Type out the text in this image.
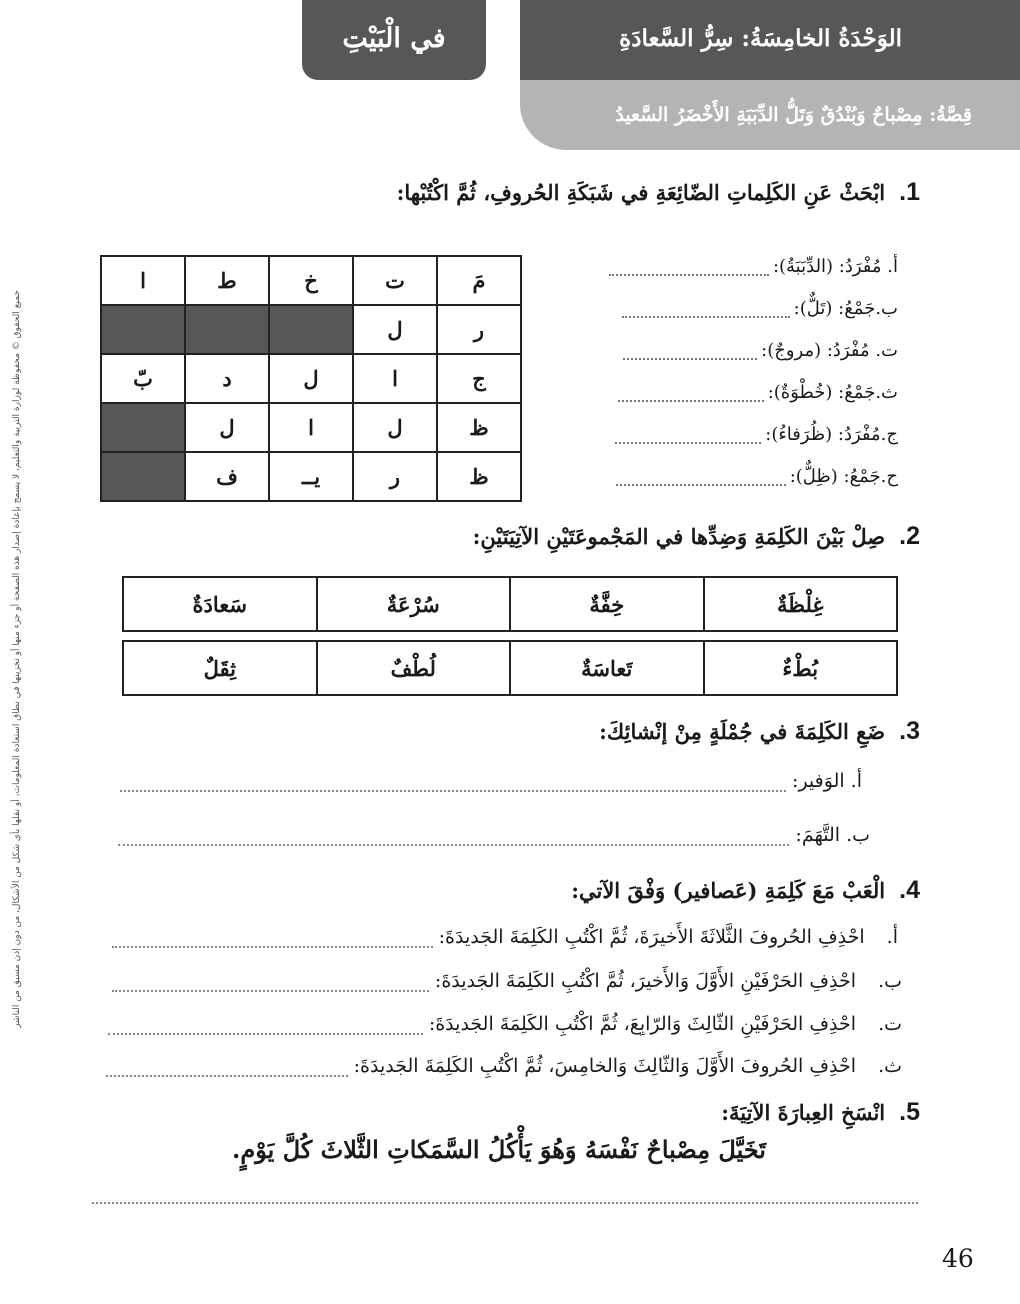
في الْبَيْتِ	الوَحْدَةُ الخامِسَةُ: سِرُّ السَّعادَةِ
قِصَّةُ: مِصْباحٌ وَبُنْدُقٌ وَتَلُّ الدِّبَبَةِ الأَخْضَرُ السَّعيدُ
جميع الحقوق © محفوظة لوزارة التربية والتعليم، لا يسمح بإعادة إصدار هذه الصفحة أو جزء منها أو تخزينها في نطاق استعادة المعلومات، أو نقلها بأي شكل من الأشكال، من دون إذن مسبق من الناشر
1.ابْحَثْ عَنِ الكَلِماتِ الضّائِعَةِ في شَبَكَةِ الحُروفِ، ثُمَّ اكْتُبْها:
ا	ط	خ	ت	مَ
			ل	ر
بّ	د	ل	ا	ج
	ل	ا	ل	ظ
	ف	يــ	ر	ظ
أ. مُفْرَدُ: (الدِّبَبَةُ):
ب.جَمْعُ: (تَلٌّ):
ت. مُفْرَدُ: (مروجٌ):
ث.جَمْعُ: (خُطْوَةٌ):
ج.مُفْرَدُ: (ظُرَفاءُ):
ح.جَمْعُ: (ظِلٌّ):
2.صِلْ بَيْنَ الكَلِمَةِ وَضِدِّها في المَجْموعَتَيْنِ الآتِيَتَيْنِ:
غِلْظَةٌ	خِفَّةٌ	سُرْعَةٌ	سَعادَةٌ
بُطْءٌ	تَعاسَةٌ	لُطْفٌ	ثِقَلٌ
3.ضَعِ الكَلِمَةَ في جُمْلَةٍ مِنْ إنْشائِكَ:
أ. الوَفير:
ب. التَّهَمَ:
4.الْعَبْ مَعَ كَلِمَةِ (عَصافير) وَفْقَ الآتي:
أ.
احْذِفِ الحُروفَ الثَّلاثَةَ الأَخيرَةَ، ثُمَّ اكْتُبِ الكَلِمَةَ الجَديدَةَ:
ب.
احْذِفِ الحَرْفَيْنِ الأَوَّلَ وَالأَخيرَ، ثُمَّ اكْتُبِ الكَلِمَةَ الجَديدَةَ:
ت.
احْذِفِ الحَرْفَيْنِ الثّالِثَ وَالرّابِعَ، ثُمَّ اكْتُبِ الكَلِمَةَ الجَديدَةَ:
ث.
احْذِفِ الحُروفَ الأَوَّلَ وَالثّالِثَ وَالخامِسَ، ثُمَّ اكْتُبِ الكَلِمَةَ الجَديدَةَ:
5.انْسَخِ العِبارَةَ الآتِيَةَ:
تَخَيَّلَ مِصْباحٌ نَفْسَهُ وَهُوَ يَأْكُلُ السَّمَكاتِ الثَّلاثَ كُلَّ يَوْمٍ.
46
